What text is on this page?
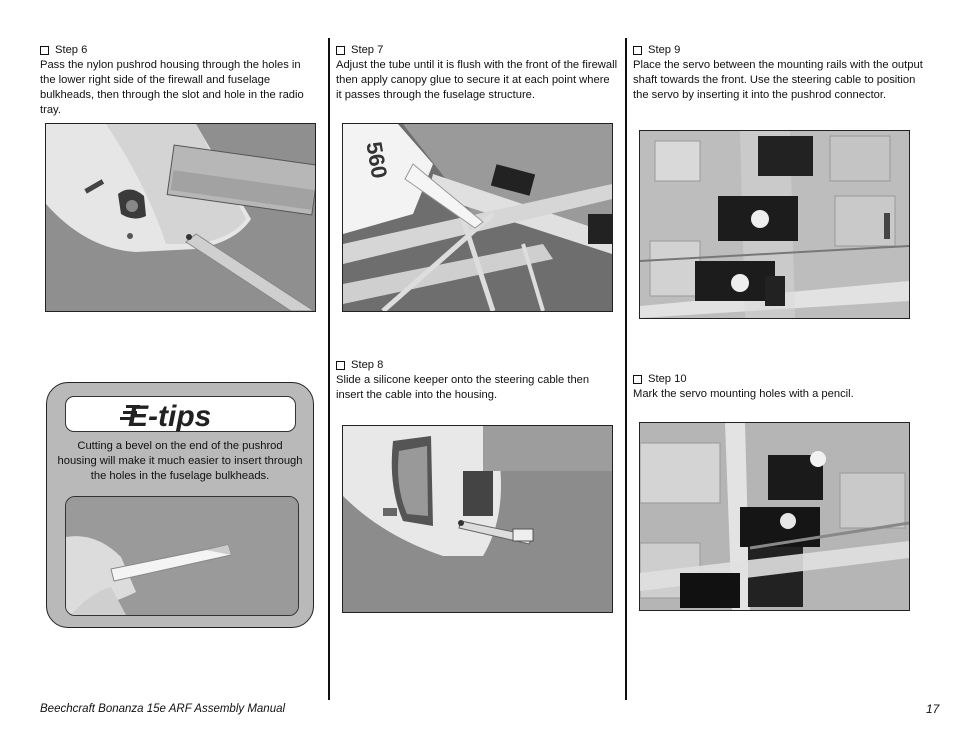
Step 6
Pass the nylon pushrod housing through the holes in the lower right side of the firewall and fuselage bulkheads, then through the slot and hole in the radio tray.
Step 7
Adjust the tube until it is flush with the front of the firewall then apply canopy glue to secure it at each point where it passes through the fuselage structure.
560
Step 8
Slide a silicone keeper onto the steering cable then insert the cable into the housing.
E-tips
Cutting a bevel on the end of the pushrod housing will make it much easier to insert through the holes in the fuselage bulkheads.
Step 9
Place the servo between the mounting rails with the output shaft towards the front. Use the steering cable to position the servo by inserting it into the pushrod connector.
Step 10
Mark the servo mounting holes with a pencil.
Beechcraft Bonanza 15e ARF Assembly Manual	17
